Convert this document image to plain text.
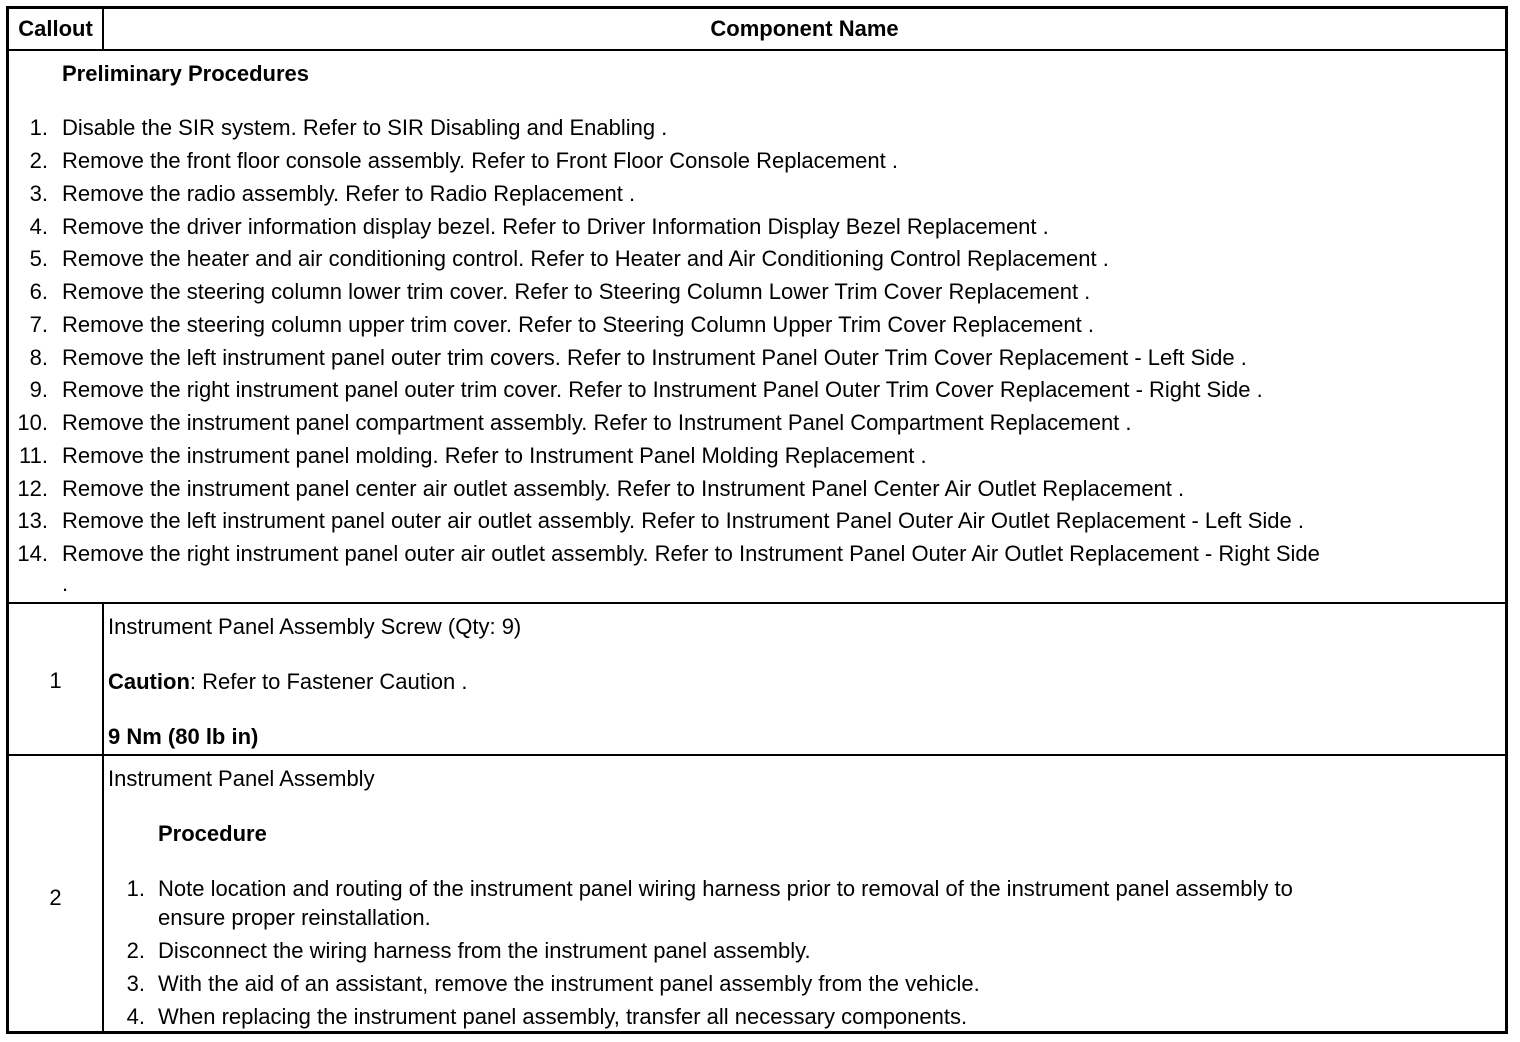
Callout	Component Name
Preliminary Procedures
1. Disable the SIR system. Refer to SIR Disabling and Enabling .
2. Remove the front floor console assembly. Refer to Front Floor Console Replacement .
3. Remove the radio assembly. Refer to Radio Replacement .
4. Remove the driver information display bezel. Refer to Driver Information Display Bezel Replacement .
5. Remove the heater and air conditioning control. Refer to Heater and Air Conditioning Control Replacement .
6. Remove the steering column lower trim cover. Refer to Steering Column Lower Trim Cover Replacement .
7. Remove the steering column upper trim cover. Refer to Steering Column Upper Trim Cover Replacement .
8. Remove the left instrument panel outer trim covers. Refer to Instrument Panel Outer Trim Cover Replacement - Left Side .
9. Remove the right instrument panel outer trim cover. Refer to Instrument Panel Outer Trim Cover Replacement - Right Side .
10. Remove the instrument panel compartment assembly. Refer to Instrument Panel Compartment Replacement .
11. Remove the instrument panel molding. Refer to Instrument Panel Molding Replacement .
12. Remove the instrument panel center air outlet assembly. Refer to Instrument Panel Center Air Outlet Replacement .
13. Remove the left instrument panel outer air outlet assembly. Refer to Instrument Panel Outer Air Outlet Replacement - Left Side .
14. Remove the right instrument panel outer air outlet assembly. Refer to Instrument Panel Outer Air Outlet Replacement - Right Side
.
1
Instrument Panel Assembly Screw (Qty: 9)
Caution: Refer to Fastener Caution .
9 Nm (80 lb in)
2
Instrument Panel Assembly
Procedure
1. Note location and routing of the instrument panel wiring harness prior to removal of the instrument panel assembly to
ensure proper reinstallation.
2. Disconnect the wiring harness from the instrument panel assembly.
3. With the aid of an assistant, remove the instrument panel assembly from the vehicle.
4. When replacing the instrument panel assembly, transfer all necessary components.
